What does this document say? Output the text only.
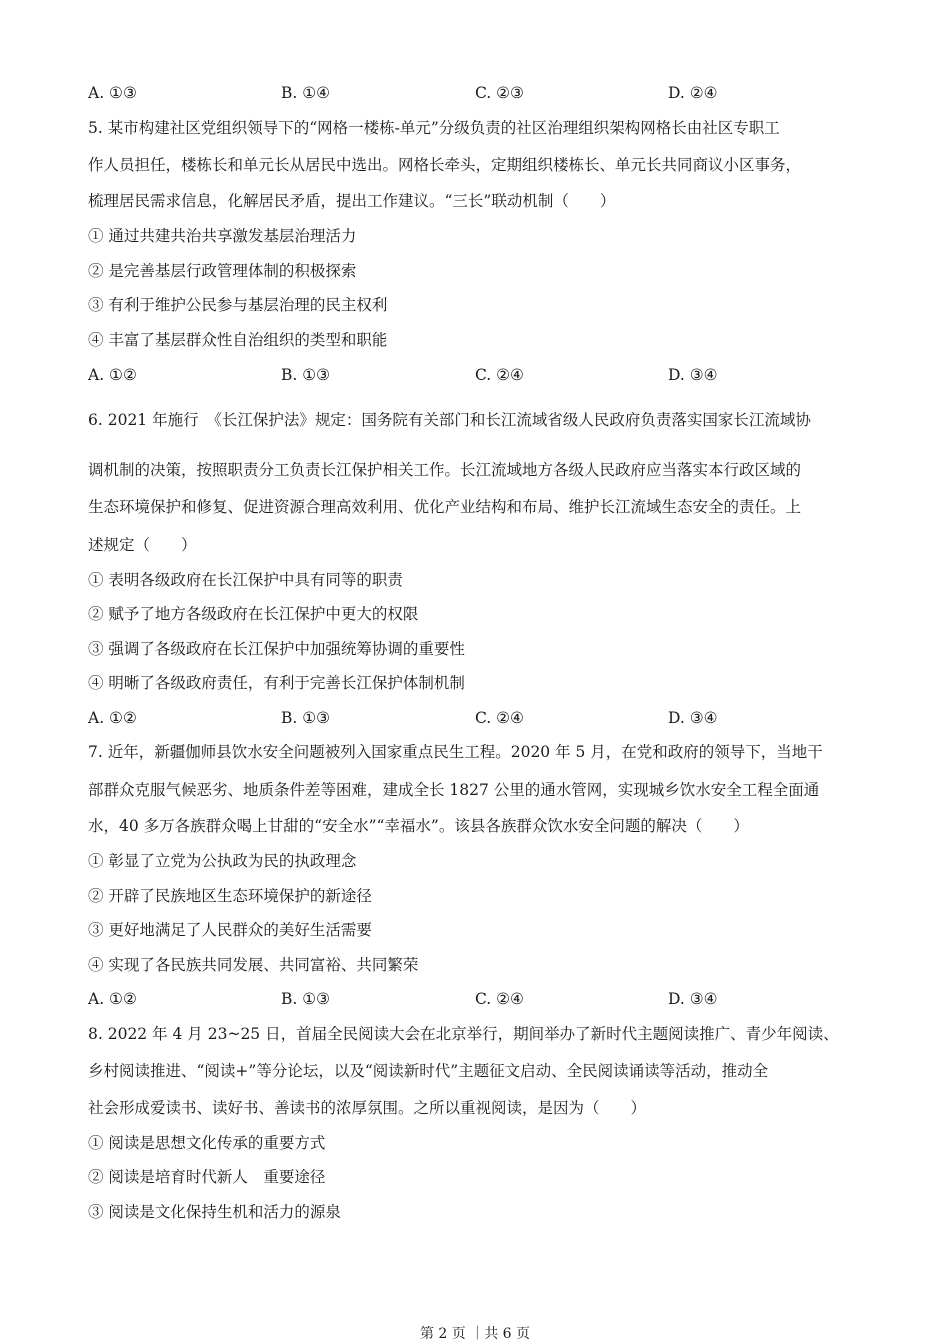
A. ①③	B. ①④	C. ②③	D. ②④
5. 某市构建社区党组织领导下的“网格一楼栋-单元”分级负责的社区治理组织架构网格长由社区专职工
作人员担任，楼栋长和单元长从居民中选出。网格长牵头，定期组织楼栋长、单元长共同商议小区事务，
梳理居民需求信息，化解居民矛盾，提出工作建议。“三长”联动机制（　　）
① 通过共建共治共享激发基层治理活力
② 是完善基层行政管理体制的积极探索
③ 有利于维护公民参与基层治理的民主权利
④ 丰富了基层群众性自治组织的类型和职能
A. ①②	B. ①③	C. ②④	D. ③④
6. 2021 年施行　《长江保护法》规定：国务院有关部门和长江流域省级人民政府负责落实国家长江流域协
调机制的决策，按照职责分工负责长江保护相关工作。长江流域地方各级人民政府应当落实本行政区域的
生态环境保护和修复、促进资源合理高效利用、优化产业结构和布局、维护长江流域生态安全的责任。上
述规定（　　）
① 表明各级政府在长江保护中具有同等的职责
② 赋予了地方各级政府在长江保护中更大的权限
③ 强调了各级政府在长江保护中加强统筹协调的重要性
④ 明晰了各级政府责任，有利于完善长江保护体制机制
A. ①②	B. ①③	C. ②④	D. ③④
7. 近年，新疆伽师县饮水安全问题被列入国家重点民生工程。2020 年 5 月，在党和政府的领导下，当地干
部群众克服气候恶劣、地质条件差等困难，建成全长 1827 公里的通水管网，实现城乡饮水安全工程全面通
水，40 多万各族群众喝上甘甜的“安全水”“幸福水”。该县各族群众饮水安全问题的解决（　　）
① 彰显了立党为公执政为民的执政理念
② 开辟了民族地区生态环境保护的新途径
③ 更好地满足了人民群众的美好生活需要
④ 实现了各民族共同发展、共同富裕、共同繁荣
A. ①②	B. ①③	C. ②④	D. ③④
8. 2022 年 4 月 23~25 日，首届全民阅读大会在北京举行，期间举办了新时代主题阅读推广、青少年阅读、
乡村阅读推进、“阅读+”等分论坛，以及“阅读新时代”主题征文启动、全民阅读诵读等活动，推动全
社会形成爱读书、读好书、善读书的浓厚氛围。之所以重视阅读，是因为（　　）
① 阅读是思想文化传承的重要方式
② 阅读是培育时代新人　重要途径
③ 阅读是文化保持生机和活力的源泉
第 2 页 ｜共 6 页
